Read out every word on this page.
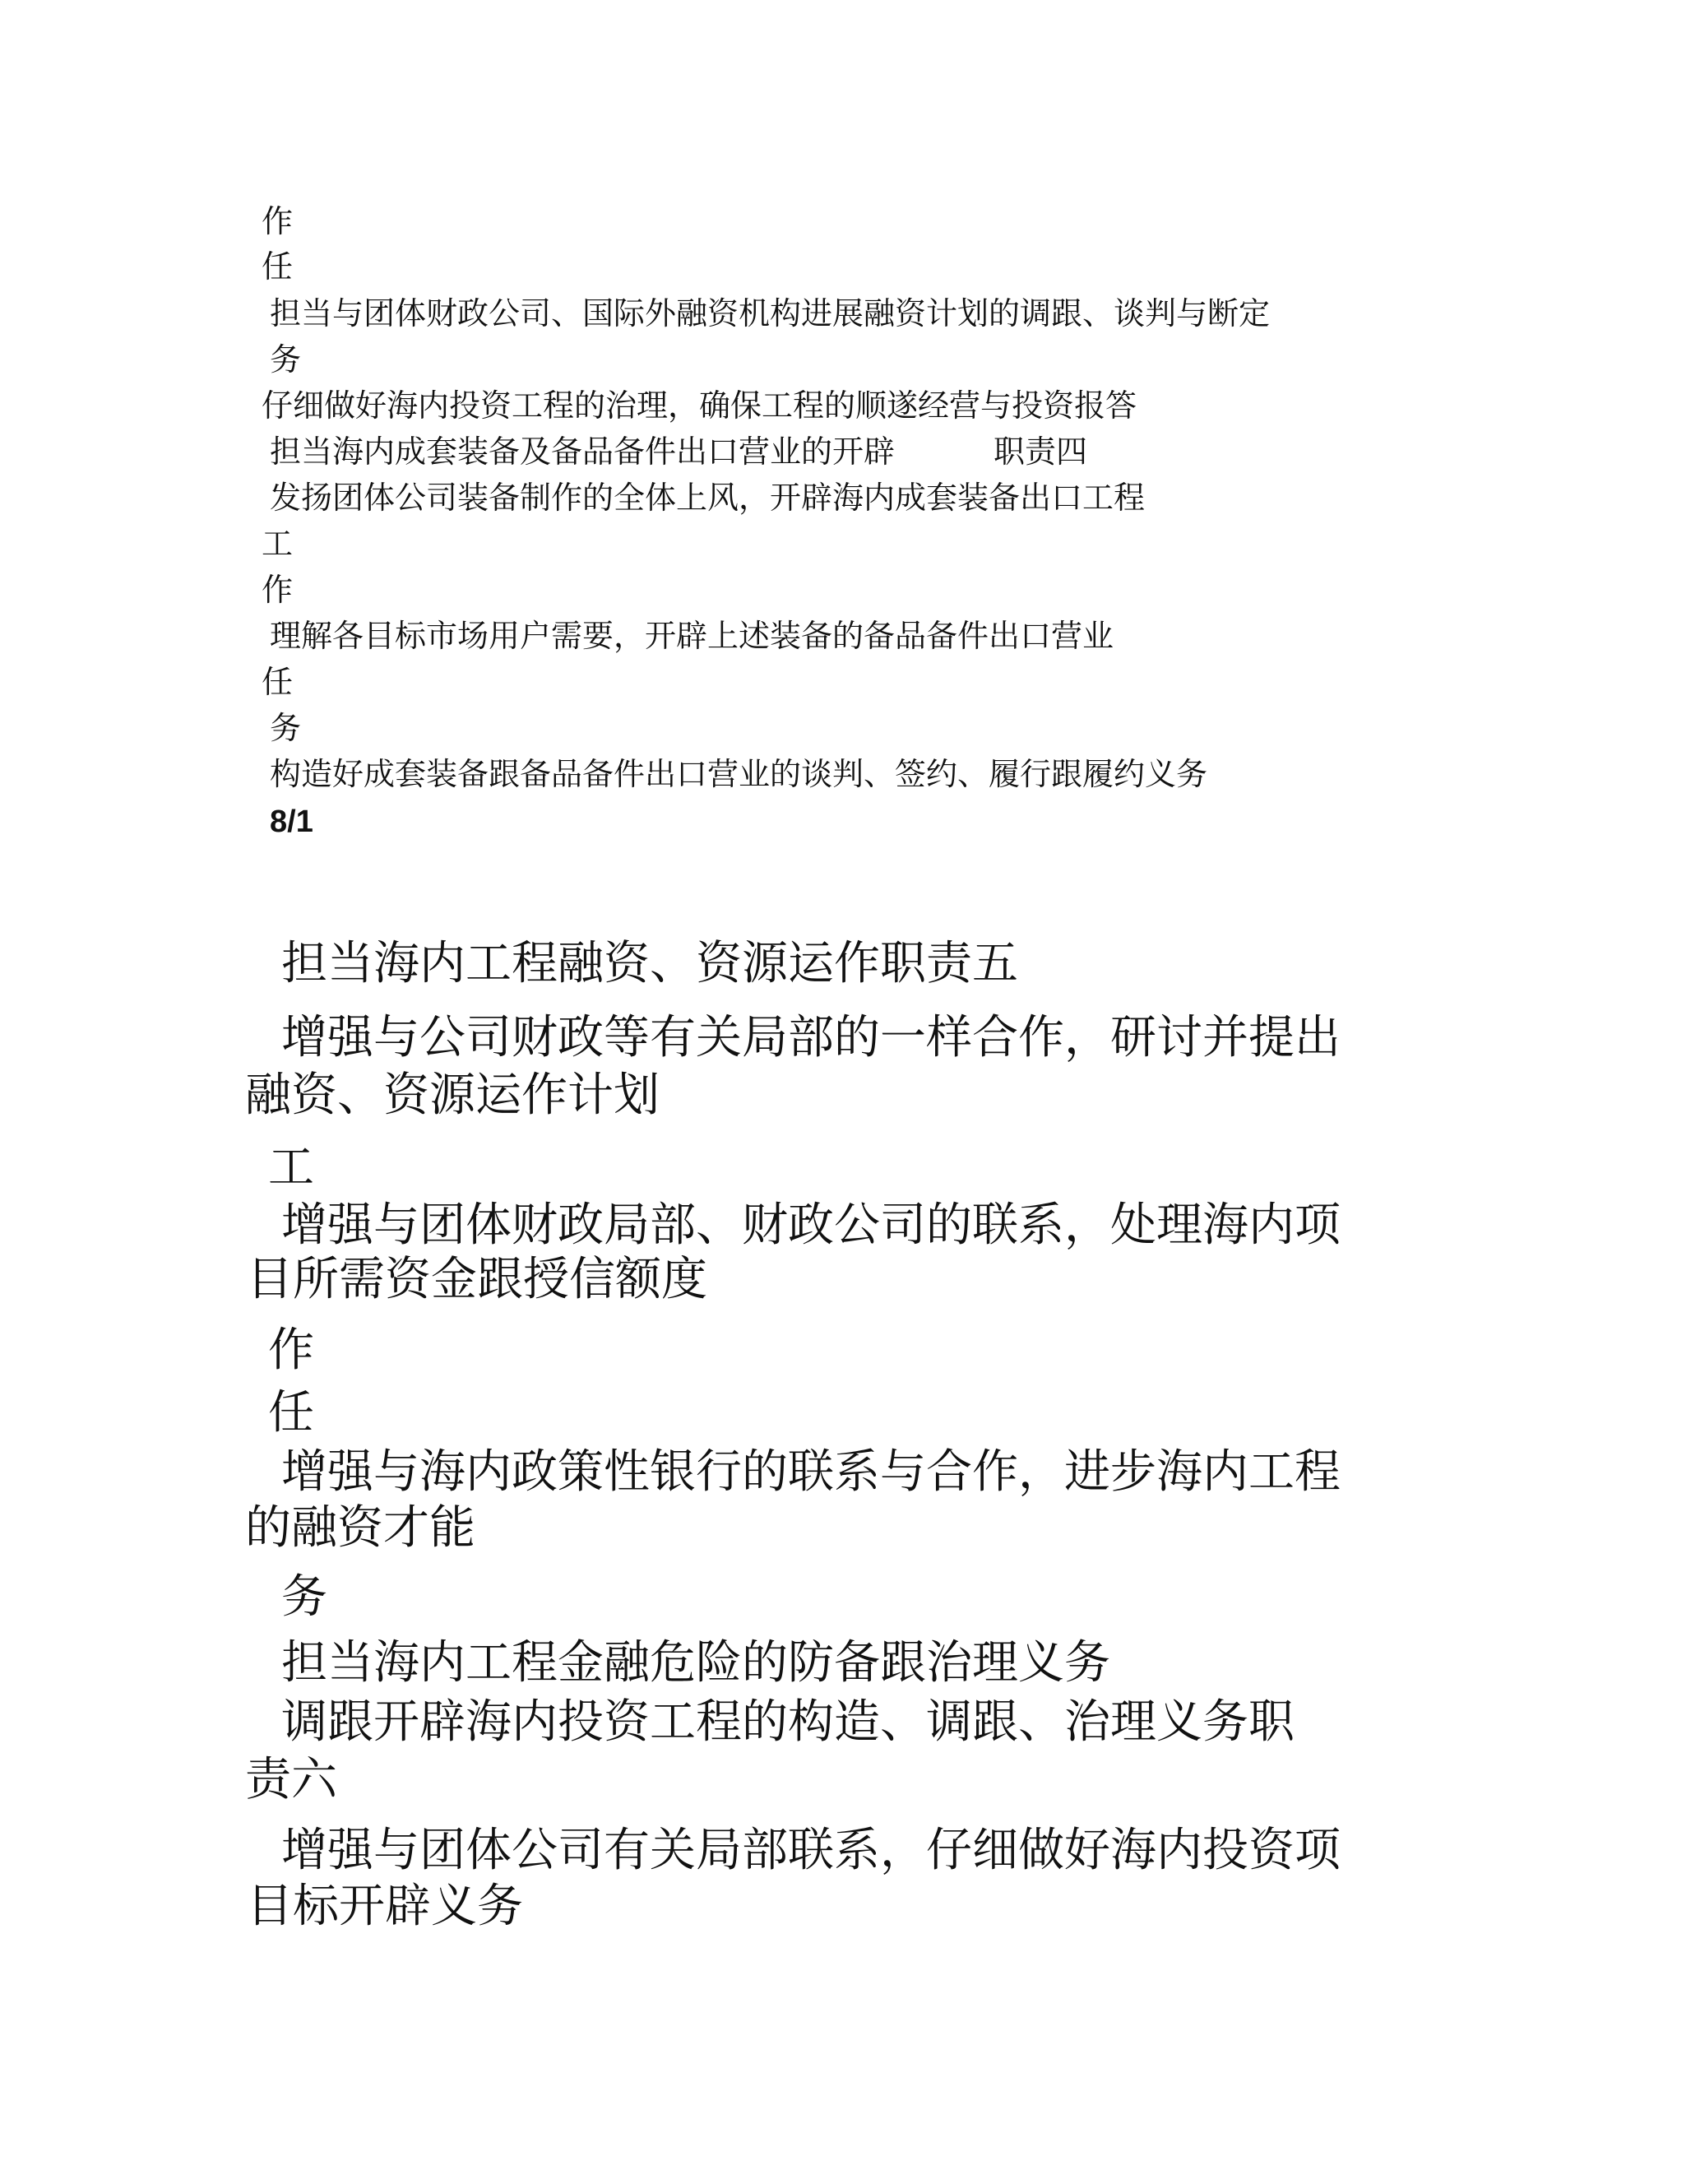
作

任

担当与团体财政公司、国际外融资机构进展融资计划的调跟、谈判与断定

务

仔细做好海内投资工程的治理，确保工程的顺遂经营与投资报答

担当海内成套装备及备品备件出口营业的开辟	职责四

发扬团体公司装备制作的全体上风，开辟海内成套装备出口工程

工

作

理解各目标市场用户需要，开辟上述装备的备品备件出口营业

任

务

构造好成套装备跟备品备件出口营业的谈判、签约、履行跟履约义务

8/1

担当海内工程融资、资源运作职责五

增强与公司财政等有关局部的一样合作，研讨并提出

融资、资源运作计划

工

增强与团体财政局部、财政公司的联系，处理海内项

目所需资金跟授信额度

作

任

增强与海内政策性银行的联系与合作，进步海内工程

的融资才能

务

担当海内工程金融危险的防备跟治理义务

调跟开辟海内投资工程的构造、调跟、治理义务职

责六

增强与团体公司有关局部联系，仔细做好海内投资项

目标开辟义务
